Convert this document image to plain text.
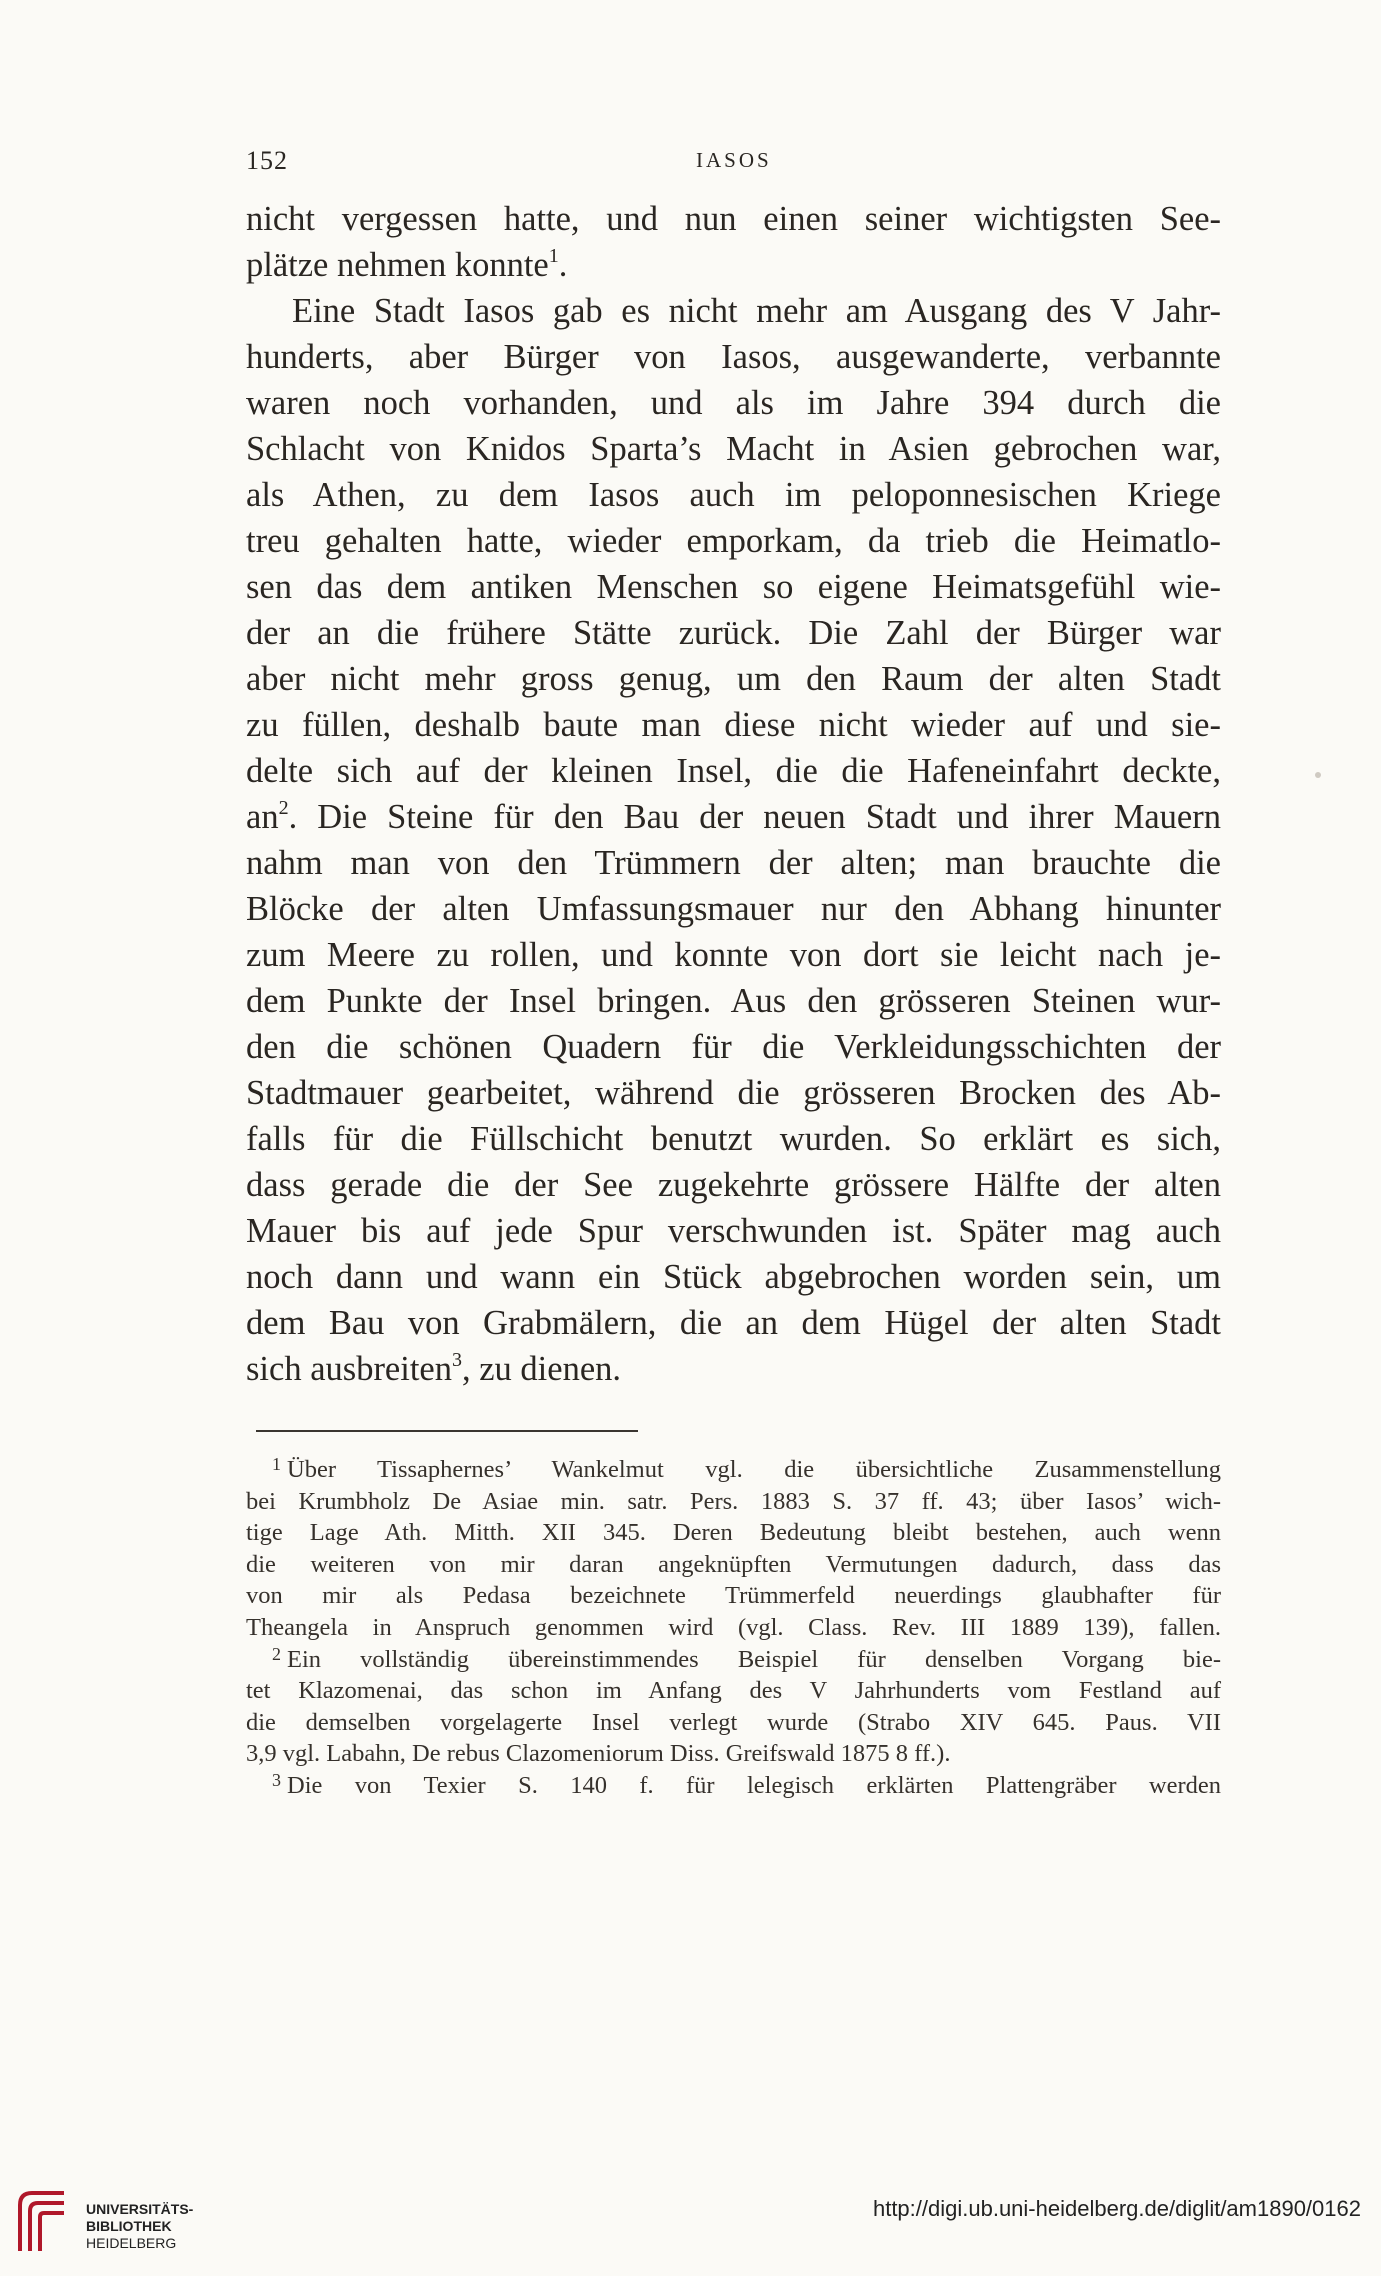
152	IASOS
nicht vergessen hatte, und nun einen seiner wichtigsten See-
plätze nehmen konnte$^1$.
Eine Stadt Iasos gab es nicht mehr am Ausgang des V Jahr-
hunderts, aber Bürger von Iasos, ausgewanderte, verbannte
waren noch vorhanden, und als im Jahre 394 durch die
Schlacht von Knidos Sparta’s Macht in Asien gebrochen war,
als Athen, zu dem Iasos auch im peloponnesischen Kriege
treu gehalten hatte, wieder emporkam, da trieb die Heimatlo-
sen das dem antiken Menschen so eigene Heimatsgefühl wie-
der an die frühere Stätte zurück. Die Zahl der Bürger war
aber nicht mehr gross genug, um den Raum der alten Stadt
zu füllen, deshalb baute man diese nicht wieder auf und sie-
delte sich auf der kleinen Insel, die die Hafeneinfahrt deckte,
$an^2$. Die Steine für den Bau der neuen Stadt und ihrer Mauern
nahm man von den Trümmern der alten; man brauchte die
Blöcke der alten Umfassungsmauer nur den Abhang hinunter
zum Meere zu rollen, und konnte von dort sie leicht nach je-
dem Punkte der Insel bringen. Aus den grösseren Steinen wur-
den die schönen Quadern für die Verkleidungsschichten der
Stadtmauer gearbeitet, während die grösseren Brocken des Ab-
falls für die Füllschicht benutzt wurden. So erklärt es sich,
dass gerade die der See zugekehrte grössere Hälfte der alten
Mauer bis auf jede Spur verschwunden ist. Später mag auch
noch dann und wann ein Stück abgebrochen worden sein, um
dem Bau von Grabmälern, die an dem Hügel der alten Stadt
sich ausbreiten$^3$, zu dienen.
$^1$ Über Tissaphernes’ Wankelmut vgl. die übersichtliche Zusammenstellung
bei Krumbholz De Asiae min. satr. Pers. 1883 S. 37 ff. 43; über Iasos’ wich-
tige Lage Ath. Mitth. XII 345. Deren Bedeutung bleibt bestehen, auch wenn
die weiteren von mir daran angeknüpften Vermutungen dadurch, dass das
von mir als Pedasa bezeichnete Trümmerfeld neuerdings glaubhafter für
Theangela in Anspruch genommen wird (vgl. Class. Rev. III 1889 139), fallen.
$^2$ Ein vollständig übereinstimmendes Beispiel für denselben Vorgang bie-
tet Klazomenai, das schon im Anfang des V Jahrhunderts vom Festland auf
die demselben vorgelagerte Insel verlegt wurde (Strabo XIV 645. Paus. VII
3,9 vgl. Labahn, De rebus Clazomeniorum Diss. Greifswald 1875 8 ff.).
$^3$ Die von Texier S. 140 f. für lelegisch erklärten Plattengräber werden
UNIVERSITÄTS-
BIBLIOTHEK
HEIDELBERG
http://digi.ub.uni-heidelberg.de/diglit/am1890/0162
